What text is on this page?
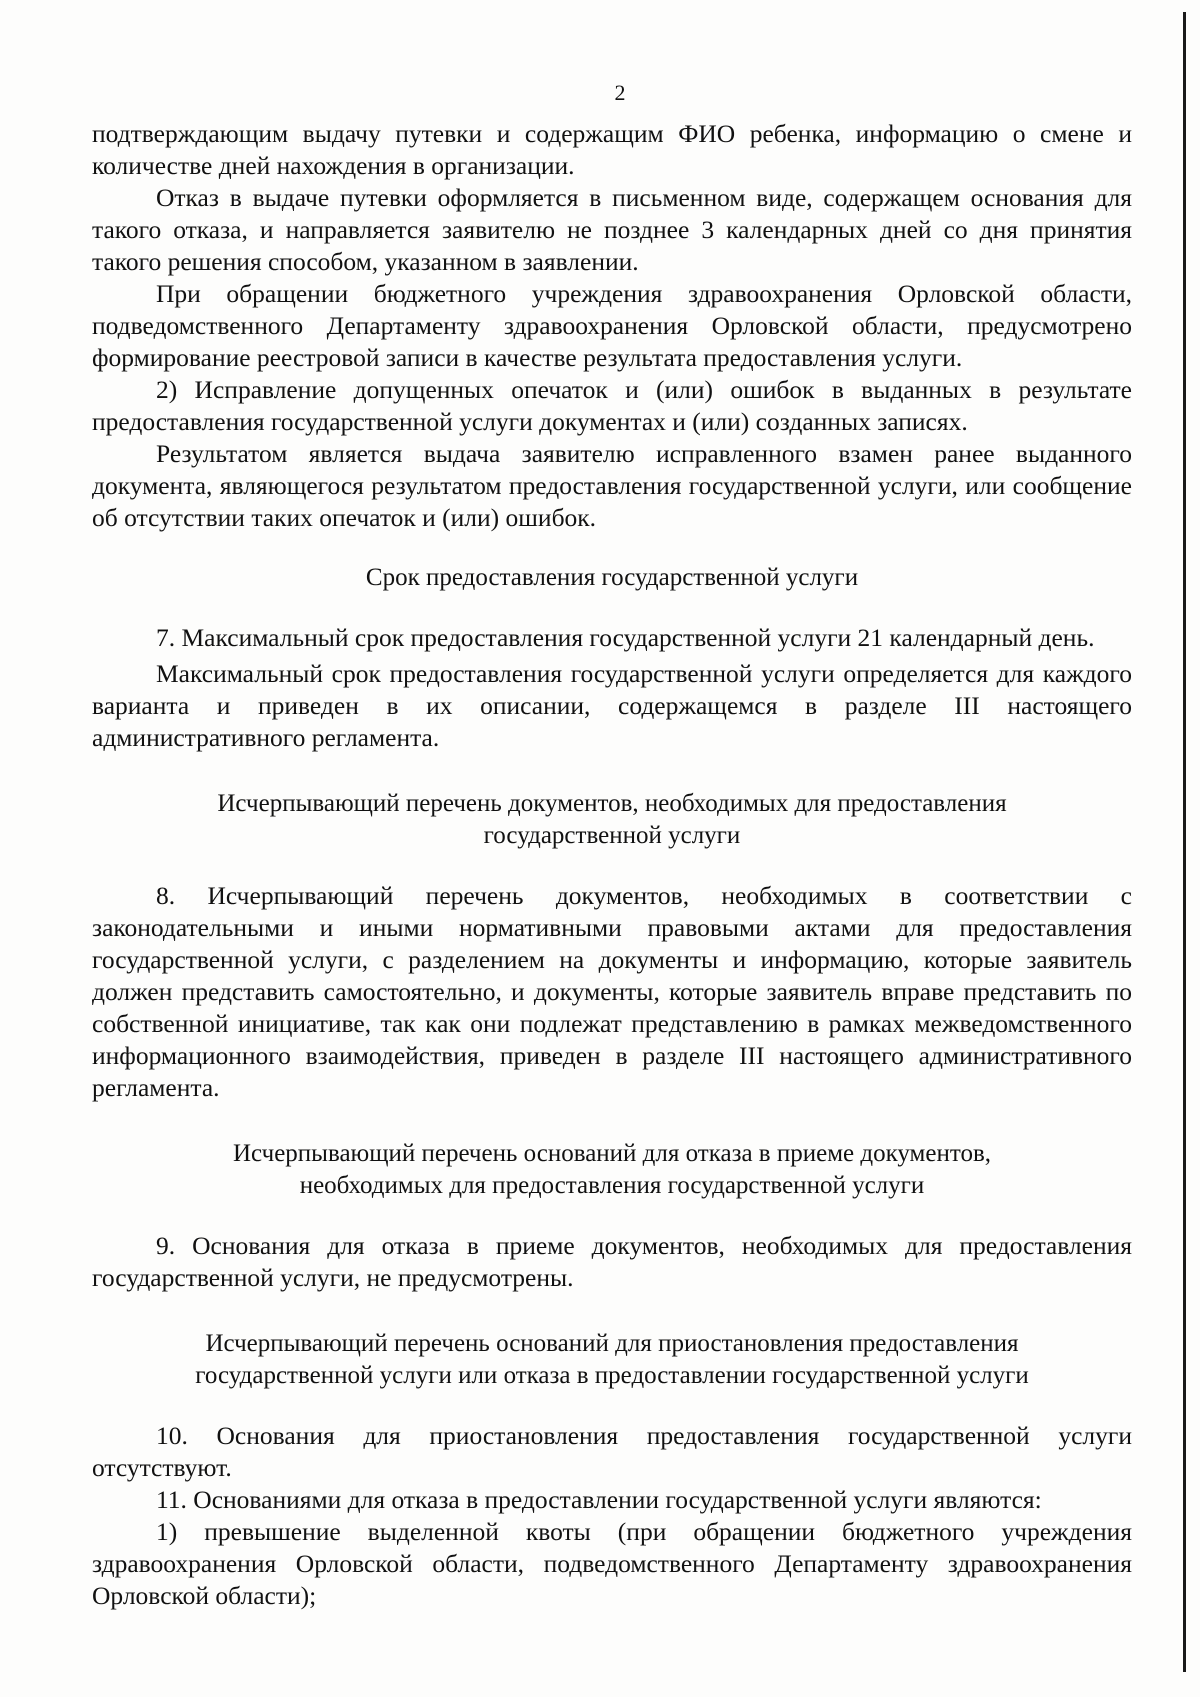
2

подтверждающим выдачу путевки и содержащим ФИО ребенка, информацию о смене и количестве дней нахождения в организации.

Отказ в выдаче путевки оформляется в письменном виде, содержащем основания для такого отказа, и направляется заявителю не позднее 3 календарных дней со дня принятия такого решения способом, указанном в заявлении.

При обращении бюджетного учреждения здравоохранения Орловской области, подведомственного Департаменту здравоохранения Орловской области, предусмотрено формирование реестровой записи в качестве результата предоставления услуги.

2) Исправление допущенных опечаток и (или) ошибок в выданных в результате предоставления государственной услуги документах и (или) созданных записях.

Результатом является выдача заявителю исправленного взамен ранее выданного документа, являющегося результатом предоставления государственной услуги, или сообщение об отсутствии таких опечаток и (или) ошибок.

Срок предоставления государственной услуги

7. Максимальный срок предоставления государственной услуги 21 календарный день.

Максимальный срок предоставления государственной услуги определяется для каждого варианта и приведен в их описании, содержащемся в разделе III настоящего административного регламента.

Исчерпывающий перечень документов, необходимых для предоставления

государственной услуги

8. Исчерпывающий перечень документов, необходимых в соответствии с законодательными и иными нормативными правовыми актами для предоставления государственной услуги, с разделением на документы и информацию, которые заявитель должен представить самостоятельно, и документы, которые заявитель вправе представить по собственной инициативе, так как они подлежат представлению в рамках межведомственного информационного взаимодействия, приведен в разделе III настоящего административного регламента.

Исчерпывающий перечень оснований для отказа в приеме документов,

необходимых для предоставления государственной услуги

9. Основания для отказа в приеме документов, необходимых для предоставления государственной услуги, не предусмотрены.

Исчерпывающий перечень оснований для приостановления предоставления

государственной услуги или отказа в предоставлении государственной услуги

10. Основания для приостановления предоставления государственной услуги отсутствуют.

11. Основаниями для отказа в предоставлении государственной услуги являются:

1) превышение выделенной квоты (при обращении бюджетного учреждения здравоохранения Орловской области, подведомственного Департаменту здравоохранения Орловской области);
